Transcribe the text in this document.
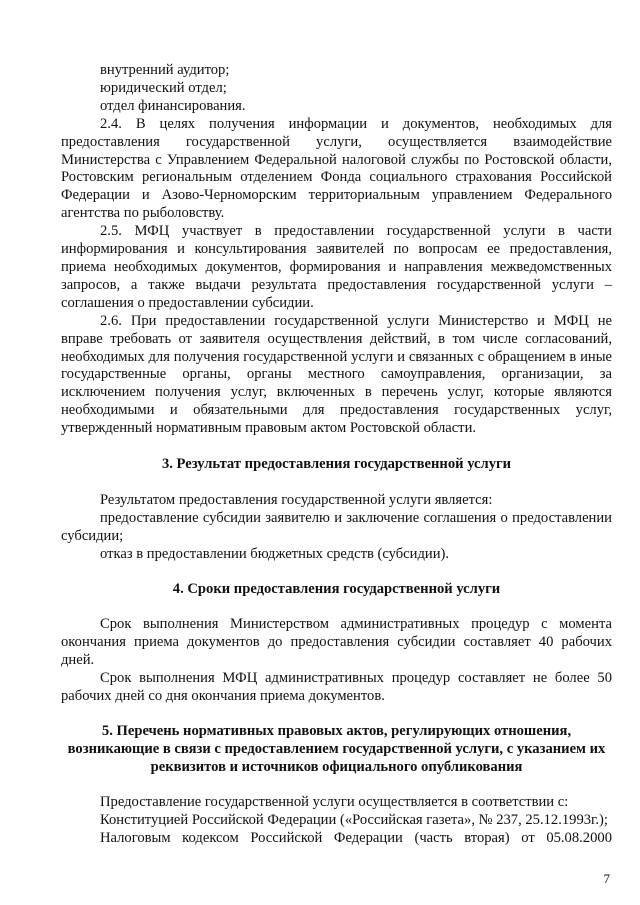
внутренний аудитор;

юридический отдел;

отдел финансирования.

2.4. В целях получения информации и документов, необходимых для предоставления государственной услуги, осуществляется взаимодействие Министерства с Управлением Федеральной налоговой службы по Ростовской области, Ростовским региональным отделением Фонда социального страхования Российской Федерации и Азово-Черноморским территориальным управлением Федерального агентства по рыболовству.

2.5. МФЦ участвует в предоставлении государственной услуги в части информирования и консультирования заявителей по вопросам ее предоставления, приема необходимых документов, формирования и направления межведомственных запросов, а также выдачи результата предоставления государственной услуги – соглашения о предоставлении субсидии.

2.6. При предоставлении государственной услуги Министерство и МФЦ не вправе требовать от заявителя осуществления действий, в том числе согласований, необходимых для получения государственной услуги и связанных с обращением в иные государственные органы, органы местного самоуправления, организации, за исключением получения услуг, включенных в перечень услуг, которые являются необходимыми и обязательными для предоставления государственных услуг, утвержденный нормативным правовым актом Ростовской области.

3. Результат предоставления государственной услуги

Результатом предоставления государственной услуги является:

предоставление субсидии заявителю и заключение соглашения о предоставлении субсидии;

отказ в предоставлении бюджетных средств (субсидии).

4. Сроки предоставления государственной услуги

Срок выполнения Министерством административных процедур с момента окончания приема документов до предоставления субсидии составляет 40 рабочих дней.

Срок выполнения МФЦ административных процедур составляет не более 50 рабочих дней со дня окончания приема документов.

5. Перечень нормативных правовых актов, регулирующих отношения, возникающие в связи с предоставлением государственной услуги, с указанием их реквизитов и источников официального опубликования

Предоставление государственной услуги осуществляется в соответствии с:

Конституцией Российской Федерации («Российская газета», № 237, 25.12.1993г.);

Налоговым кодексом Российской Федерации (часть вторая) от 05.08.2000

7
